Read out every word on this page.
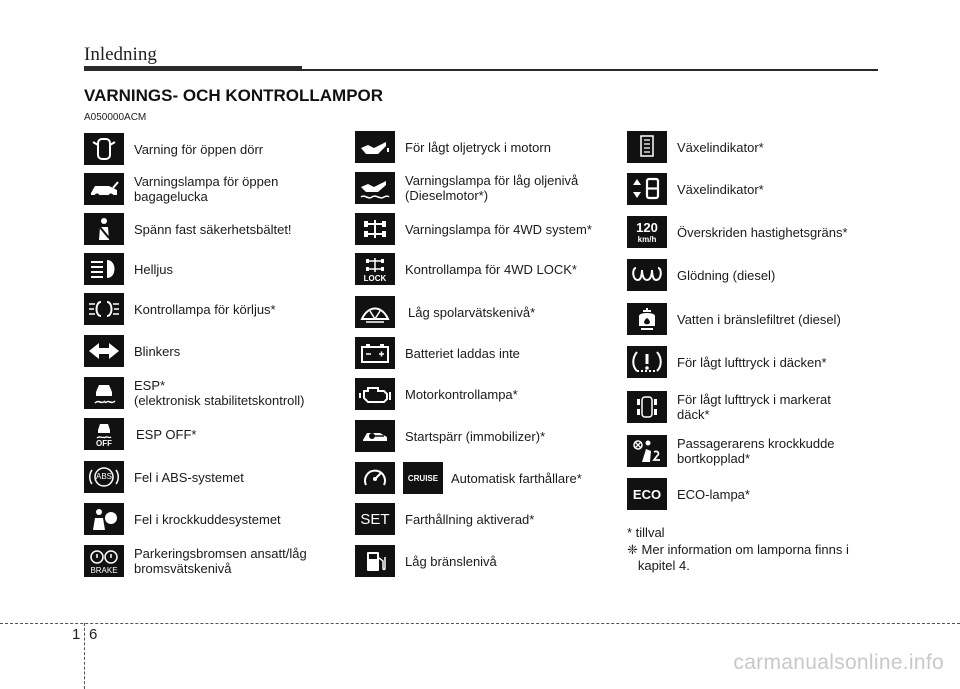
Inledning
VARNINGS- OCH KONTROLLAMPOR
A050000ACM
Varning för öppen dörr
Varningslampa för öppen
bagagelucka
Spänn fast säkerhetsbältet!
Helljus
Kontrollampa för körljus*
Blinkers
ESP*
(elektronisk stabilitetskontroll)
OFF
ESP OFF*
ABS	Fel i ABS-systemet
Fel i krockkuddesystemet
BRAKE
Parkeringsbromsen ansatt/låg
bromsvätskenivå
För lågt oljetryck i motorn
Varningslampa för låg oljenivå
(Dieselmotor*)
Varningslampa för 4WD system*
LOCK
Kontrollampa för 4WD LOCK*
Låg spolarvätskenivå*
Batteriet laddas inte
Motorkontrollampa*
Startspärr (immobilizer)*
CRUISE Automatisk farthållare*
SET Farthållning aktiverad*
Låg bränslenivå
Växelindikator*
Växelindikator*
120
km/h Överskriden hastighetsgräns*
Glödning (diesel)
Vatten i bränslefiltret (diesel)
För lågt lufttryck i däcken*
För lågt lufttryck i markerat
däck*
Passagerarens krockkudde
bortkopplad*
ECO ECO-lampa*
* tillval
❈ Mer information om lamporna finns i
kapitel 4.
1 6
carmanualsonline.info
